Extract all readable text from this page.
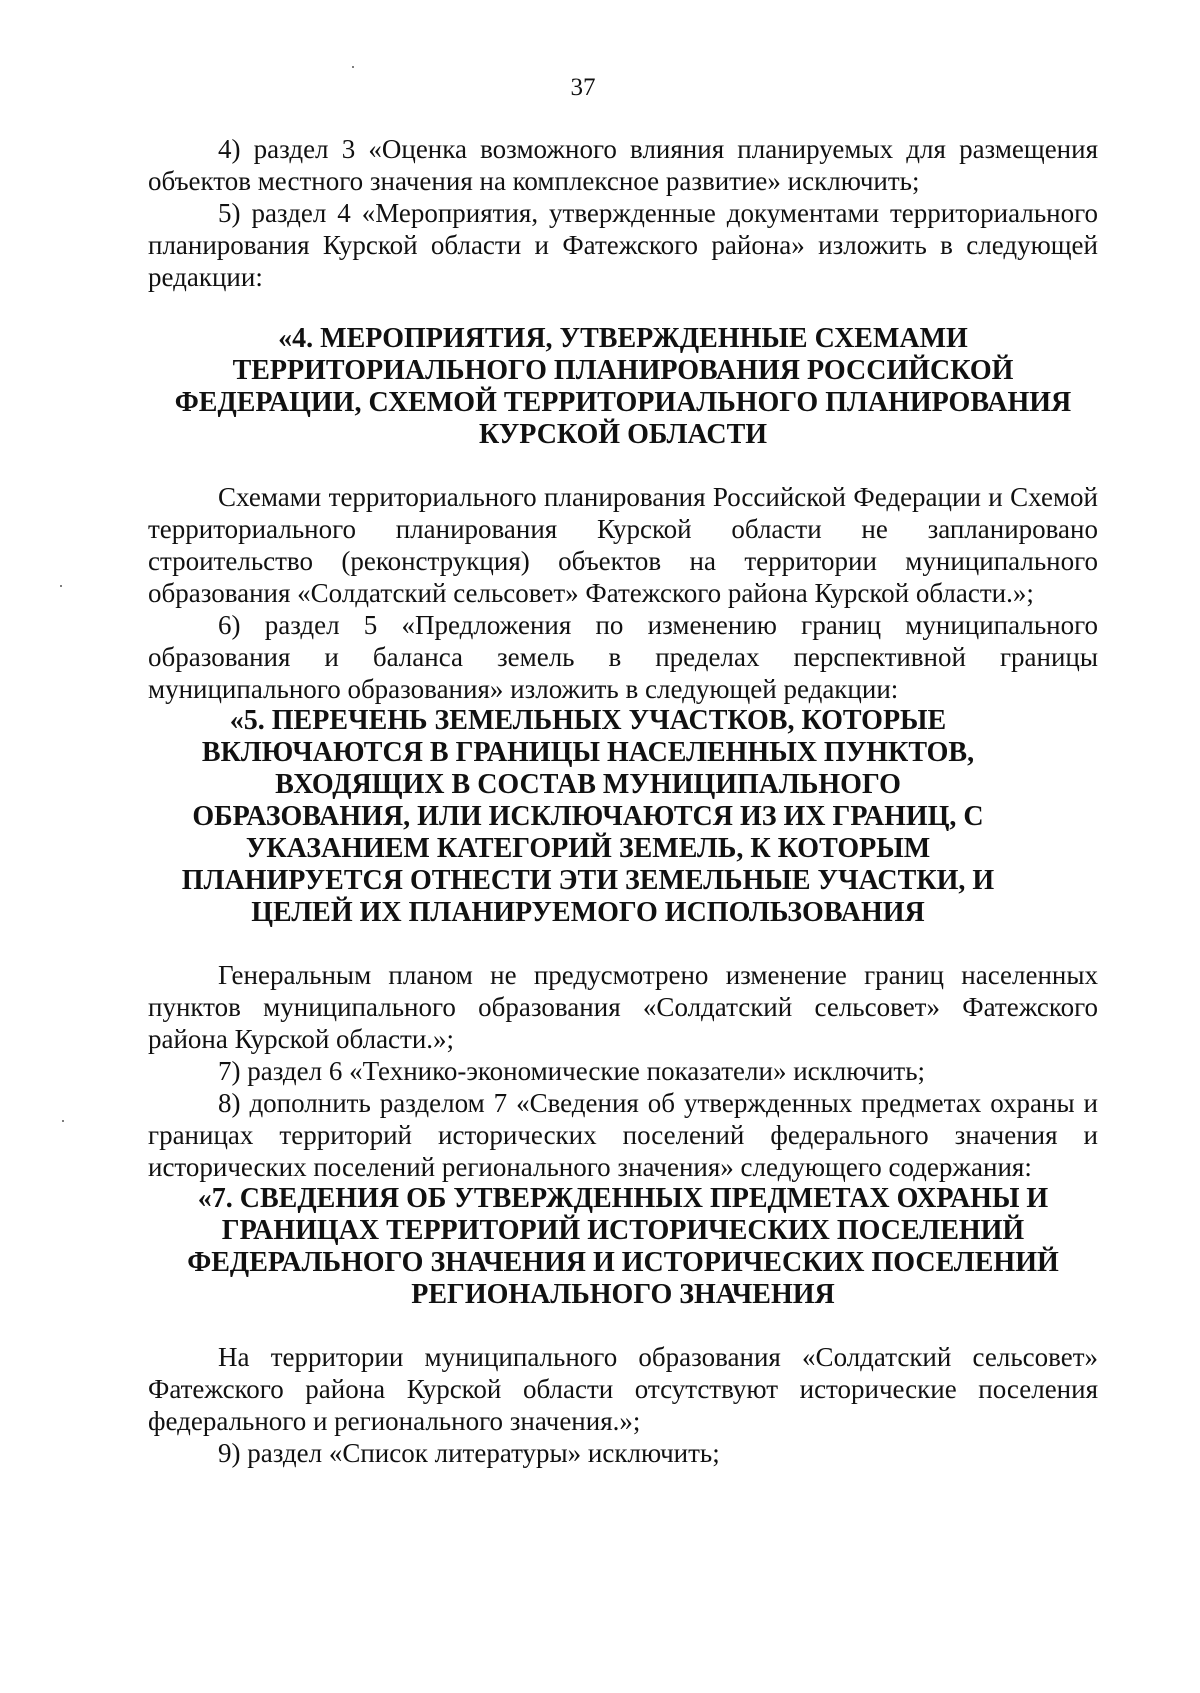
37

4) раздел 3 «Оценка возможного влияния планируемых для размещения объектов местного значения на комплексное развитие» исключить;

5) раздел 4 «Мероприятия, утвержденные документами территориального планирования Курской области и Фатежского района» изложить в следующей редакции:

«4. МЕРОПРИЯТИЯ, УТВЕРЖДЕННЫЕ СХЕМАМИ ТЕРРИТОРИАЛЬНОГО ПЛАНИРОВАНИЯ РОССИЙСКОЙ ФЕДЕРАЦИИ, СХЕМОЙ ТЕРРИТОРИАЛЬНОГО ПЛАНИРОВАНИЯ КУРСКОЙ ОБЛАСТИ

Схемами территориального планирования Российской Федерации и Схемой территориального планирования Курской области не запланировано строительство (реконструкция) объектов на территории муниципального образования «Солдатский сельсовет» Фатежского района Курской области.»;

6) раздел 5 «Предложения по изменению границ муниципального образования и баланса земель в пределах перспективной границы муниципального образования» изложить в следующей редакции:

«5. ПЕРЕЧЕНЬ ЗЕМЕЛЬНЫХ УЧАСТКОВ, КОТОРЫЕ ВКЛЮЧАЮТСЯ В ГРАНИЦЫ НАСЕЛЕННЫХ ПУНКТОВ, ВХОДЯЩИХ В СОСТАВ МУНИЦИПАЛЬНОГО ОБРАЗОВАНИЯ, ИЛИ ИСКЛЮЧАЮТСЯ ИЗ ИХ ГРАНИЦ, С УКАЗАНИЕМ КАТЕГОРИЙ ЗЕМЕЛЬ, К КОТОРЫМ ПЛАНИРУЕТСЯ ОТНЕСТИ ЭТИ ЗЕМЕЛЬНЫЕ УЧАСТКИ, И ЦЕЛЕЙ ИХ ПЛАНИРУЕМОГО ИСПОЛЬЗОВАНИЯ

Генеральным планом не предусмотрено изменение границ населенных пунктов муниципального образования «Солдатский сельсовет» Фатежского района Курской области.»;

7) раздел 6 «Технико-экономические показатели» исключить;

8) дополнить разделом 7 «Сведения об утвержденных предметах охраны и границах территорий исторических поселений федерального значения и исторических поселений регионального значения» следующего содержания:

«7. СВЕДЕНИЯ ОБ УТВЕРЖДЕННЫХ ПРЕДМЕТАХ ОХРАНЫ И ГРАНИЦАХ ТЕРРИТОРИЙ ИСТОРИЧЕСКИХ ПОСЕЛЕНИЙ ФЕДЕРАЛЬНОГО ЗНАЧЕНИЯ И ИСТОРИЧЕСКИХ ПОСЕЛЕНИЙ РЕГИОНАЛЬНОГО ЗНАЧЕНИЯ

На территории муниципального образования «Солдатский сельсовет» Фатежского района Курской области отсутствуют исторические поселения федерального и регионального значения.»;

9) раздел «Список литературы» исключить;
